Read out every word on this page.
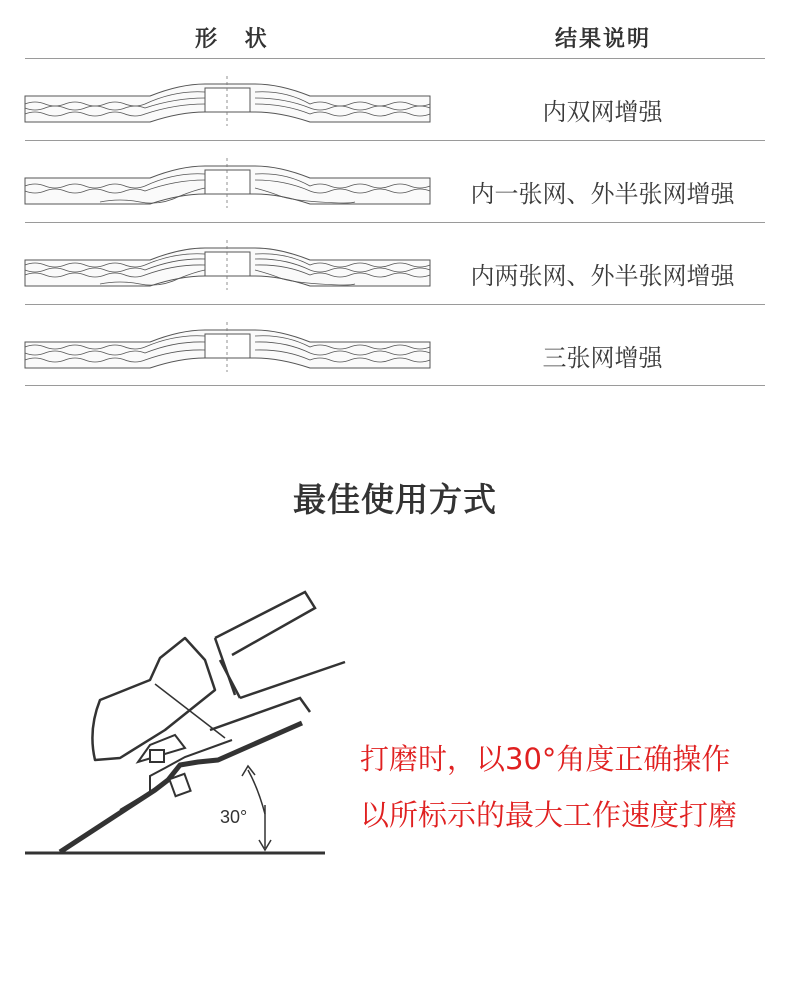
形 状	结果说明
内双网增强
内一张网、外半张网增强
内两张网、外半张网增强
三张网增强
最佳使用方式
30°
打磨时，以30°角度正确操作
以所标示的最大工作速度打磨
